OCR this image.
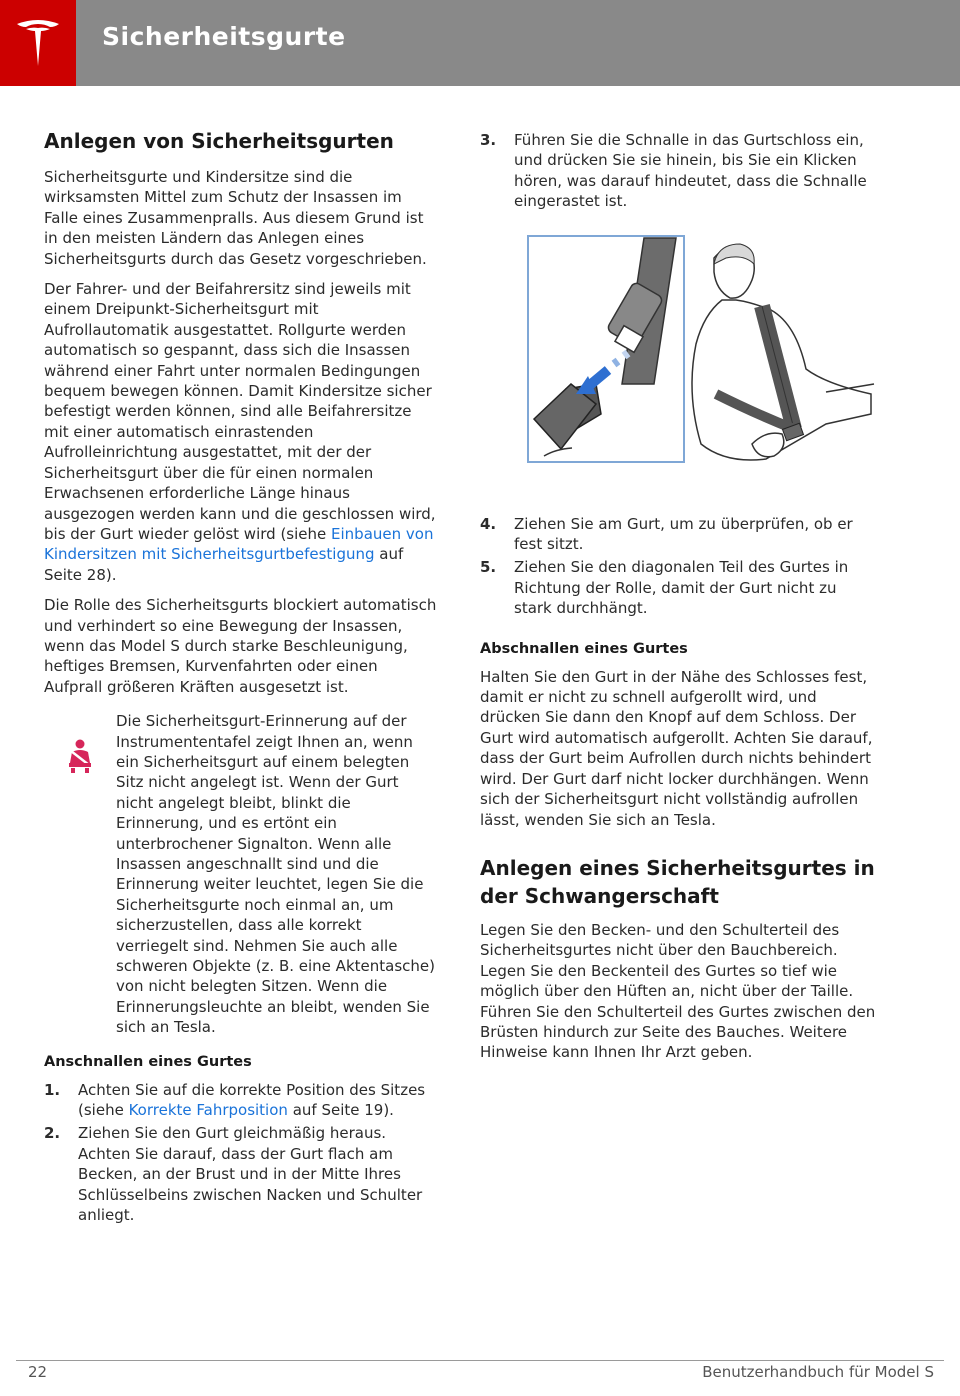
Sicherheitsgurte
Anlegen von Sicherheitsgurten

Sicherheitsgurte und Kindersitze sind die wirksamsten Mittel zum Schutz der Insassen im Falle eines Zusammenpralls. Aus diesem Grund ist in den meisten Ländern das Anlegen eines Sicherheitsgurts durch das Gesetz vorgeschrieben.

Der Fahrer- und der Beifahrersitz sind jeweils mit einem Dreipunkt-Sicherheitsgurt mit Aufrollautomatik ausgestattet. Rollgurte werden automatisch so gespannt, dass sich die Insassen während einer Fahrt unter normalen Bedingungen bequem bewegen können. Damit Kindersitze sicher befestigt werden können, sind alle Beifahrersitze mit einer automatisch einrastenden Aufrolleinrichtung ausgestattet, mit der der Sicherheitsgurt über die für einen normalen Erwachsenen erforderliche Länge hinaus ausgezogen werden kann und die geschlossen wird, bis der Gurt wieder gelöst wird (siehe Einbauen von Kindersitzen mit Sicherheitsgurtbefestigung auf Seite 28).

Die Rolle des Sicherheitsgurts blockiert automatisch und verhindert so eine Bewegung der Insassen, wenn das Model S durch starke Beschleunigung, heftiges Bremsen, Kurvenfahrten oder einen Aufprall größeren Kräften ausgesetzt ist.

Die Sicherheitsgurt-Erinnerung auf der Instrumententafel zeigt Ihnen an, wenn ein Sicherheitsgurt auf einem belegten Sitz nicht angelegt ist. Wenn der Gurt nicht angelegt bleibt, blinkt die Erinnerung, und es ertönt ein unterbrochener Signalton. Wenn alle Insassen angeschnallt sind und die Erinnerung weiter leuchtet, legen Sie die Sicherheitsgurte noch einmal an, um sicherzustellen, dass alle korrekt verriegelt sind. Nehmen Sie auch alle schweren Objekte (z. B. eine Aktentasche) von nicht belegten Sitzen. Wenn die Erinnerungsleuchte an bleibt, wenden Sie sich an Tesla.
Anschnallen eines Gurtes
1.	Achten Sie auf die korrekte Position des Sitzes (siehe Korrekte Fahrposition auf Seite 19).
2.	Ziehen Sie den Gurt gleichmäßig heraus. Achten Sie darauf, dass der Gurt flach am Becken, an der Brust und in der Mitte Ihres Schlüsselbeins zwischen Nacken und Schulter anliegt.
3.	Führen Sie die Schnalle in das Gurtschloss ein, und drücken Sie sie hinein, bis Sie ein Klicken hören, was darauf hindeutet, dass die Schnalle eingerastet ist.
4.	Ziehen Sie am Gurt, um zu überprüfen, ob er fest sitzt.
5.	Ziehen Sie den diagonalen Teil des Gurtes in Richtung der Rolle, damit der Gurt nicht zu stark durchhängt.
Abschnallen eines Gurtes

Halten Sie den Gurt in der Nähe des Schlosses fest, damit er nicht zu schnell aufgerollt wird, und drücken Sie dann den Knopf auf dem Schloss. Der Gurt wird automatisch aufgerollt. Achten Sie darauf, dass der Gurt beim Aufrollen durch nichts behindert wird. Der Gurt darf nicht locker durchhängen. Wenn sich der Sicherheitsgurt nicht vollständig aufrollen lässt, wenden Sie sich an Tesla.

Anlegen eines Sicherheitsgurtes in der Schwangerschaft

Legen Sie den Becken- und den Schulterteil des Sicherheitsgurtes nicht über den Bauchbereich. Legen Sie den Beckenteil des Gurtes so tief wie möglich über den Hüften an, nicht über der Taille. Führen Sie den Schulterteil des Gurtes zwischen den Brüsten hindurch zur Seite des Bauches. Weitere Hinweise kann Ihnen Ihr Arzt geben.

22	Benutzerhandbuch für Model S
